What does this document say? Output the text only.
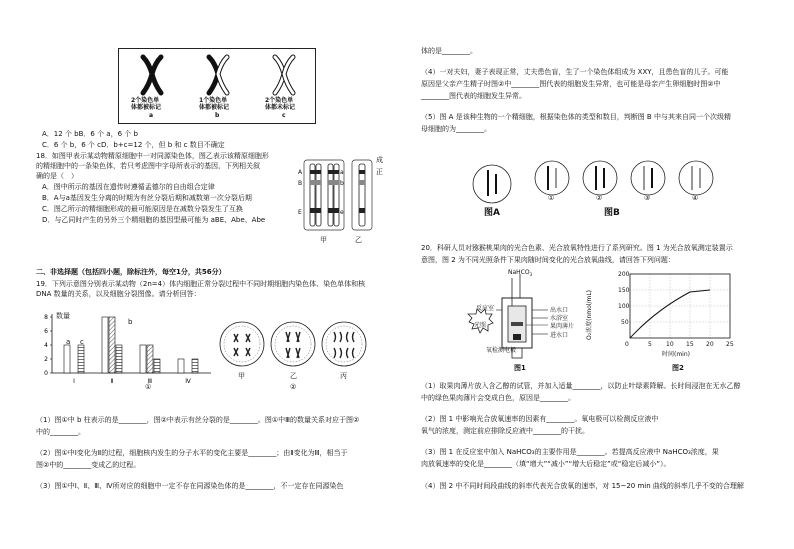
2个染色单
体都被标记
a
1个染色单
体都被标记
b
2个染色单
体都未标记
c
A．12 个 bB．6 个 a，6 个 b
C．6 个 b，6 个 cD．b+c=12 个，但 b 和 c 数目不确定
18．如图甲表示某动物精原细胞中一对同源染色体，图乙表示该精原细胞形
的精细胞中的一条染色体，若只考虑图中字母所表示的基因，下列相关叙
确的是（　）
A．图中所示的基因在遗传时遵循孟德尔的自由组合定律
B．A与a基因发生分离的时期为有丝分裂后期和减数第一次分裂后期
C．图乙所示的精细胞形成的最可能原因是在减数分裂发生了互换
D．与乙同时产生的另外三个精细胞的基因型最可能为 aBE、Abe、Abe
成
正
A
B
E
a
b
e
甲	乙
二、非选择题（包括四小题，除标注外，每空1分，共56分）
19．下列示意图分别表示某动物（2n=4）体内细胞正常分裂过程中不同时期细胞内染色体、染色单体和核
DNA 数量的关系，以及细胞分裂图像。请分析回答：
8
6
4
2
0
Ⅰ	Ⅱ	Ⅲ	Ⅳ
数量
a c
b
①
甲	乙	丙
②
（1）图①中 b 柱表示的是________，图②中表示有丝分裂的是________。图①中Ⅲ的数量关系对应于图②
中的________。
（2）图①中Ⅰ变化为Ⅱ的过程，细胞核内发生的分子水平的变化主要是________；由Ⅱ变化为Ⅲ，相当于
图②中的________变成乙的过程。
（3）图①中Ⅰ、Ⅱ、Ⅲ、Ⅳ所对应的细胞中一定不存在同源染色体的是________，不一定存在同源染色
体的是________。
（4）一对夫妇，妻子表现正常，丈夫患色盲，生了一个染色体组成为 XXY，且患色盲的儿子。可能
原因是父亲产生精子时图②中________图代表的细胞发生异常，也可能是母亲产生卵细胞时图②中
________图代表的细胞发生异常。
（5）图 A 是该种生物的一个精细胞，根据染色体的类型和数目，判断图 B 中与其来自同一个次级精
母细胞的为________。
①	②	③	④
图A	图B
20．科研人员对猕猴桃果肉的光合色素、光合放氧特性进行了系列研究。图 1 为光合放氧测定装置示
意图，图 2 为不同光照条件下果肉随时间变化的光合放氧曲线，请回答下列问题：
NaHCO$_3$
反应室
光照
氧检测电极
出水口
水浴室
果肉薄片
进水口
图1
O₂浓度(nmol/mL)
200
150
100
50
0	5 10 15 20 25
时间(min)
图2
（1）取果肉薄片放入含乙醇的试管，并加入适量________，以防止叶绿素降解。长时间浸泡在无水乙醇
中的绿色果肉薄片会变成白色，原因是________。
（2）图 1 中影响光合放氧速率的因素有________。氧电极可以检测反应液中
氧气的浓度，测定前应排除反应液中________的干扰。
（3）图 1 在反应室中加入 NaHCO₃的主要作用是________。若提高反应液中 NaHCO₃浓度，果
肉放氧速率的变化是________（填“增大”“减小”“增大后稳定”或“稳定后减小”）。
（4）图 2 中不同时间段曲线的斜率代表光合放氧的速率，对 15~20 min 曲线的斜率几乎不变的合理解
